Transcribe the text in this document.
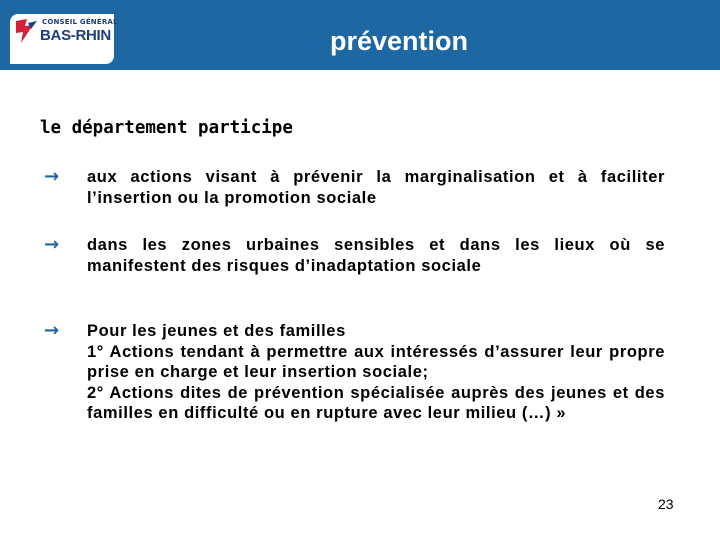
CONSEIL GÉNÉRAL
BAS-RHIN
www.bas-rhin.fr
prévention
le département participe
→ aux actions visant à prévenir la marginalisation et à faciliter l’insertion ou la promotion sociale
→ dans les zones urbaines sensibles et dans les lieux où se manifestent des risques d’inadaptation sociale
→ Pour les jeunes et des familles
1° Actions tendant à permettre aux intéressés d’assurer leur propre prise en charge et leur insertion sociale;
2° Actions dites de prévention spécialisée auprès des jeunes et des familles en difficulté ou en rupture avec leur milieu (…) »
23
